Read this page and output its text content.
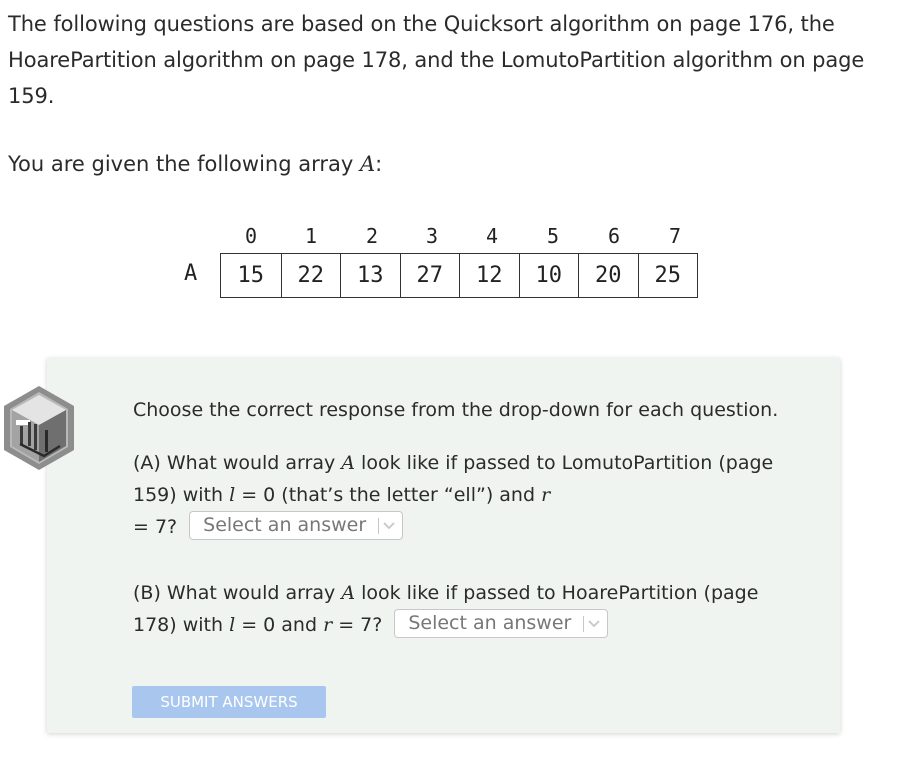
The following questions are based on the Quicksort algorithm on page 176, the HoarePartition algorithm on page 178, and the LomutoPartition algorithm on page 159.

You are given the following array A:

0	1	2	3	4	5	6	7
A	15	22	13	27	12	10	20	25

Choose the correct response from the drop-down for each question.

(A) What would array A look like if passed to LomutoPartition (page 159) with l = 0 (that’s the letter “ell”) and r
= 7? Select an answer

(B) What would array A look like if passed to HoarePartition (page 178) with l = 0 and r = 7? Select an answer

SUBMIT ANSWERS
